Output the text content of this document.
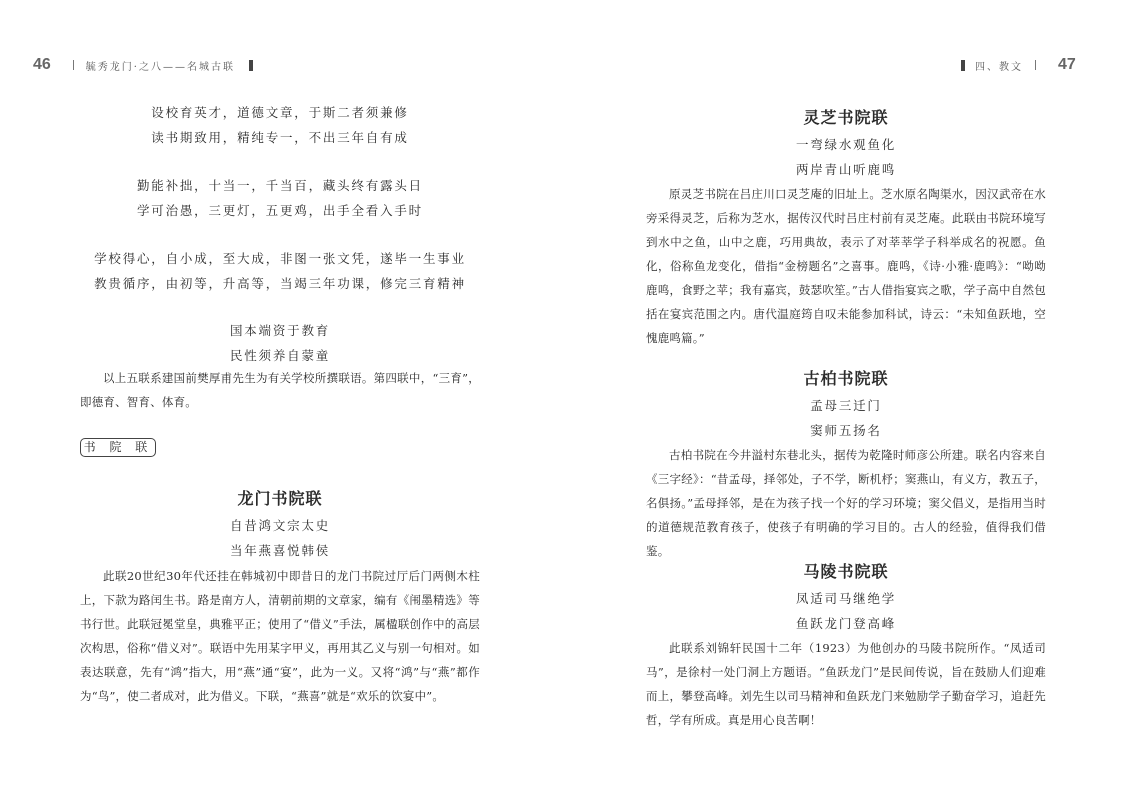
46	毓秀龙门·之八——名城古联
设校育英才，道德文章，于斯二者须兼修
读书期致用，精纯专一，不出三年自有成
勤能补拙，十当一，千当百，藏头终有露头日
学可治愚，三更灯，五更鸡，出手全看入手时
学校得心，自小成，至大成，非图一张文凭，遂毕一生事业
教贵循序，由初等，升高等，当竭三年功课，修完三育精神
国本端资于教育
民性须养自蒙童

以上五联系建国前樊厚甫先生为有关学校所撰联语。第四联中，“三育”，即德育、智育、体育。

书 院 联
龙门书院联
自昔鸿文宗太史
当年燕喜悦韩侯

此联20世纪30年代还挂在韩城初中即昔日的龙门书院过厅后门两侧木柱上，下款为路闰生书。路是南方人，清朝前期的文章家，编有《闱墨精选》等书行世。此联冠冕堂皇，典雅平正；使用了“借义”手法，属楹联创作中的高层次构思，俗称“借义对”。联语中先用某字甲义，再用其乙义与别一句相对。如表达联意，先有“鸿”指大，用“燕”通“宴”，此为一义。又将“鸿”与“燕”都作为“鸟”，使二者成对，此为借义。下联，“燕喜”就是“欢乐的饮宴中”。

四、教文 47
灵芝书院联
一弯绿水观鱼化
两岸青山听鹿鸣

原灵芝书院在吕庄川口灵芝庵的旧址上。芝水原名陶渠水，因汉武帝在水旁采得灵芝，后称为芝水，据传汉代时吕庄村前有灵芝庵。此联由书院环境写到水中之鱼，山中之鹿，巧用典故，表示了对莘莘学子科举成名的祝愿。鱼化，俗称鱼龙变化，借指“金榜题名”之喜事。鹿鸣，《诗·小雅·鹿鸣》：“呦呦鹿鸣，食野之苹；我有嘉宾，鼓瑟吹笙。”古人借指宴宾之歌，学子高中自然包括在宴宾范围之内。唐代温庭筠自叹未能参加科试，诗云：“未知鱼跃地，空愧鹿鸣篇。”

古柏书院联
孟母三迁门
窦师五扬名

古柏书院在今井溢村东巷北头，据传为乾隆时师彦公所建。联名内容来自《三字经》：“昔孟母，择邻处，子不学，断机杼；窦燕山，有义方，教五子，名俱扬。”孟母择邻，是在为孩子找一个好的学习环境；窦父倡义，是指用当时的道德规范教育孩子，使孩子有明确的学习目的。古人的经验，值得我们借鉴。

马陵书院联
凤适司马继绝学
鱼跃龙门登高峰

此联系刘锦轩民国十二年（1923）为他创办的马陵书院所作。“凤适司马”，是徐村一处门洞上方题语。“鱼跃龙门”是民间传说，旨在鼓励人们迎难而上，攀登高峰。刘先生以司马精神和鱼跃龙门来勉励学子勤奋学习，追赶先哲，学有所成。真是用心良苦啊！
